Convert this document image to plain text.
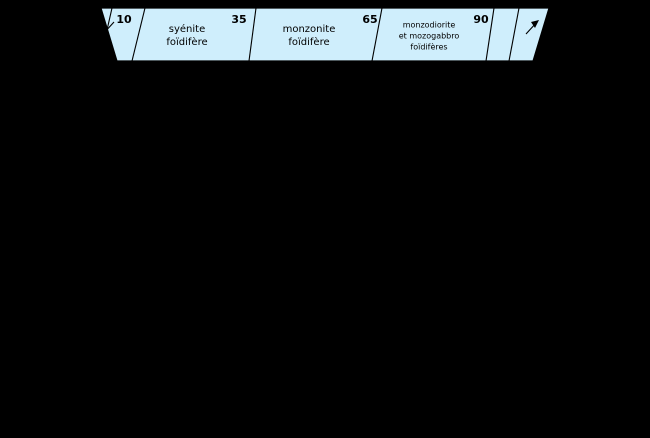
10	35	65	90
syénite
foïdifère
monzonite
foïdifère
monzodiorite
et mozogabbro
foïdifères
